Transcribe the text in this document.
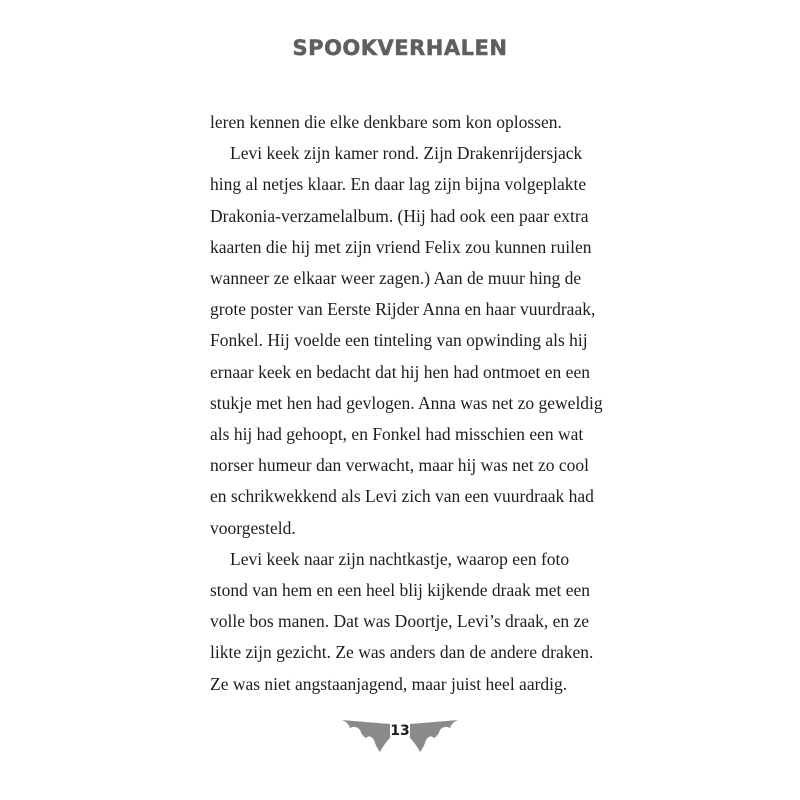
SPOOKVERHALEN
leren kennen die elke denkbare som kon oplossen.
Levi keek zijn kamer rond. Zijn Drakenrijdersjack
hing al netjes klaar. En daar lag zijn bijna volgeplakte
Drakonia-verzamelalbum. (Hij had ook een paar extra
kaarten die hij met zijn vriend Felix zou kunnen ruilen
wanneer ze elkaar weer zagen.) Aan de muur hing de
grote poster van Eerste Rijder Anna en haar vuurdraak,
Fonkel. Hij voelde een tinteling van opwinding als hij
ernaar keek en bedacht dat hij hen had ontmoet en een
stukje met hen had gevlogen. Anna was net zo geweldig
als hij had gehoopt, en Fonkel had misschien een wat
norser humeur dan verwacht, maar hij was net zo cool
en schrikwekkend als Levi zich van een vuurdraak had
voorgesteld.
Levi keek naar zijn nachtkastje, waarop een foto
stond van hem en een heel blij kijkende draak met een
volle bos manen. Dat was Doortje, Levi’s draak, en ze
likte zijn gezicht. Ze was anders dan de andere draken.
Ze was niet angstaanjagend, maar juist heel aardig.
13
